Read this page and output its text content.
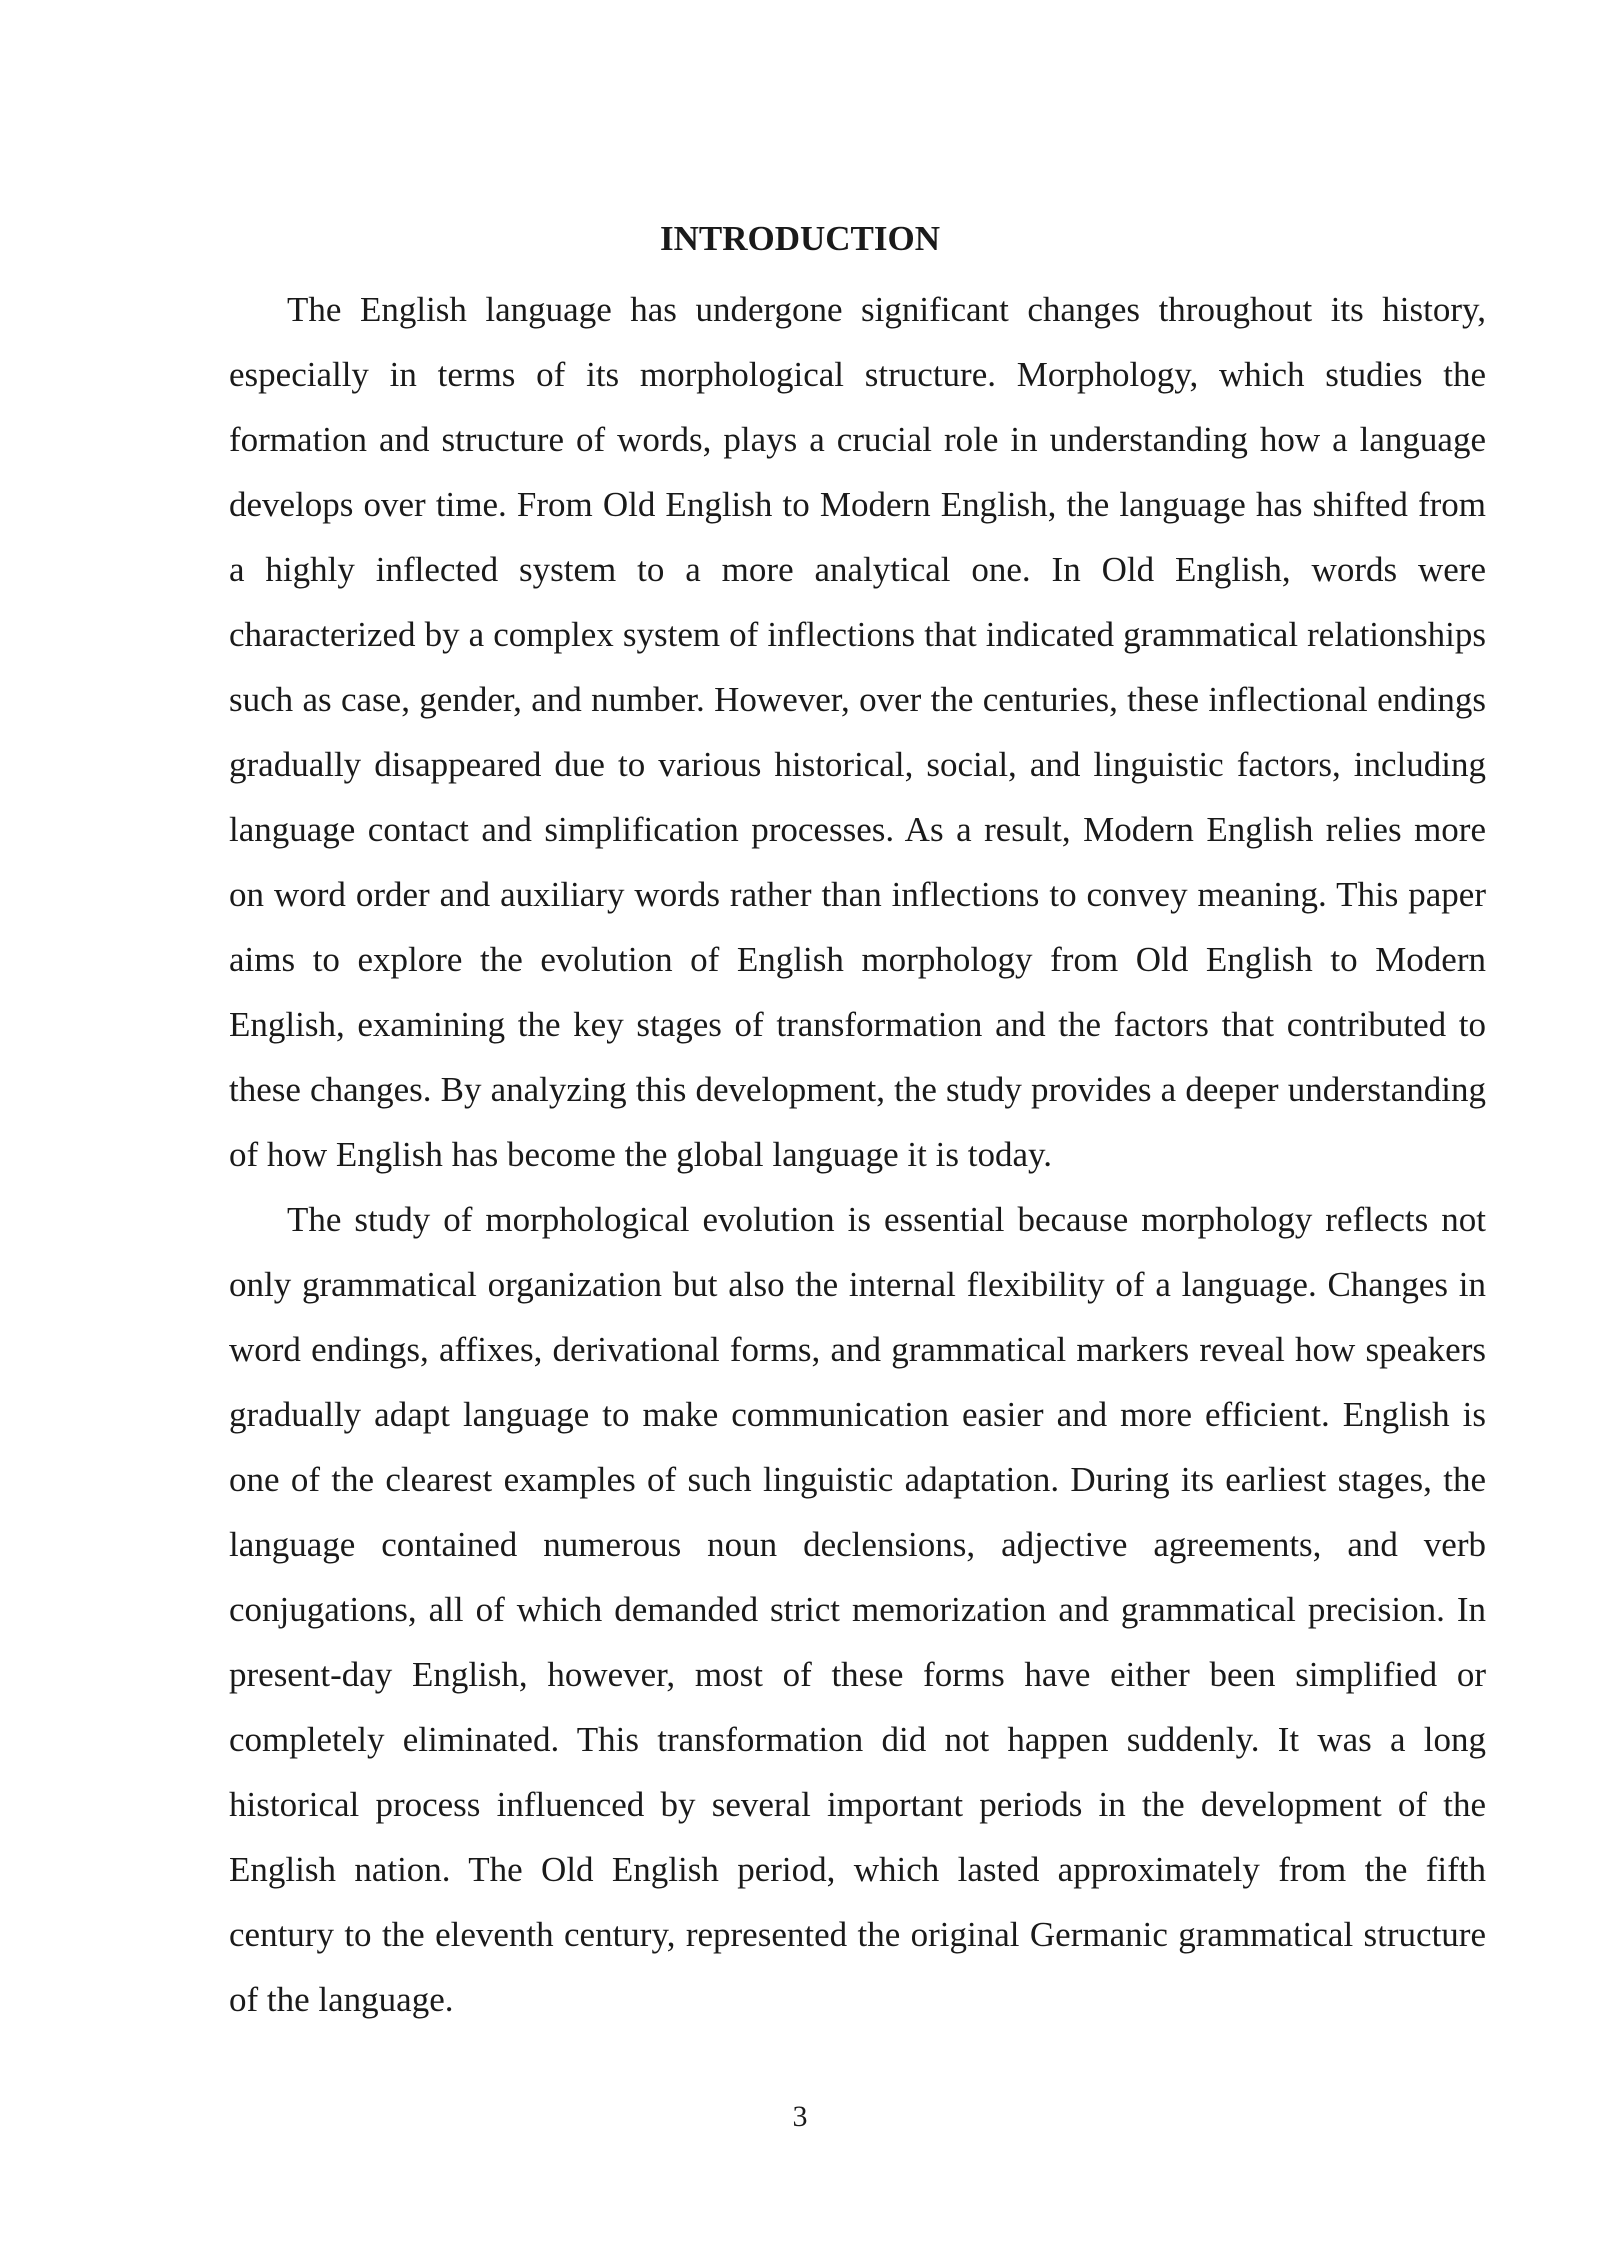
INTRODUCTION

The English language has undergone significant changes throughout its history, especially in terms of its morphological structure. Morphology, which studies the formation and structure of words, plays a crucial role in understanding how a language develops over time. From Old English to Modern English, the language has shifted from a highly inflected system to a more analytical one. In Old English, words were characterized by a complex system of inflections that indicated grammatical relationships such as case, gender, and number. However, over the centuries, these inflectional endings gradually disappeared due to various historical, social, and linguistic factors, including language contact and simplification processes. As a result, Modern English relies more on word order and auxiliary words rather than inflections to convey meaning. This paper aims to explore the evolution of English morphology from Old English to Modern English, examining the key stages of transformation and the factors that contributed to these changes. By analyzing this development, the study provides a deeper understanding of how English has become the global language it is today.

The study of morphological evolution is essential because morphology reflects not only grammatical organization but also the internal flexibility of a language. Changes in word endings, affixes, derivational forms, and grammatical markers reveal how speakers gradually adapt language to make communication easier and more efficient. English is one of the clearest examples of such linguistic adaptation. During its earliest stages, the language contained numerous noun declensions, adjective agreements, and verb conjugations, all of which demanded strict memorization and grammatical precision. In present-day English, however, most of these forms have either been simplified or completely eliminated. This transformation did not happen suddenly. It was a long historical process influenced by several important periods in the development of the English nation. The Old English period, which lasted approximately from the fifth century to the eleventh century, represented the original Germanic grammatical structure of the language.

3
